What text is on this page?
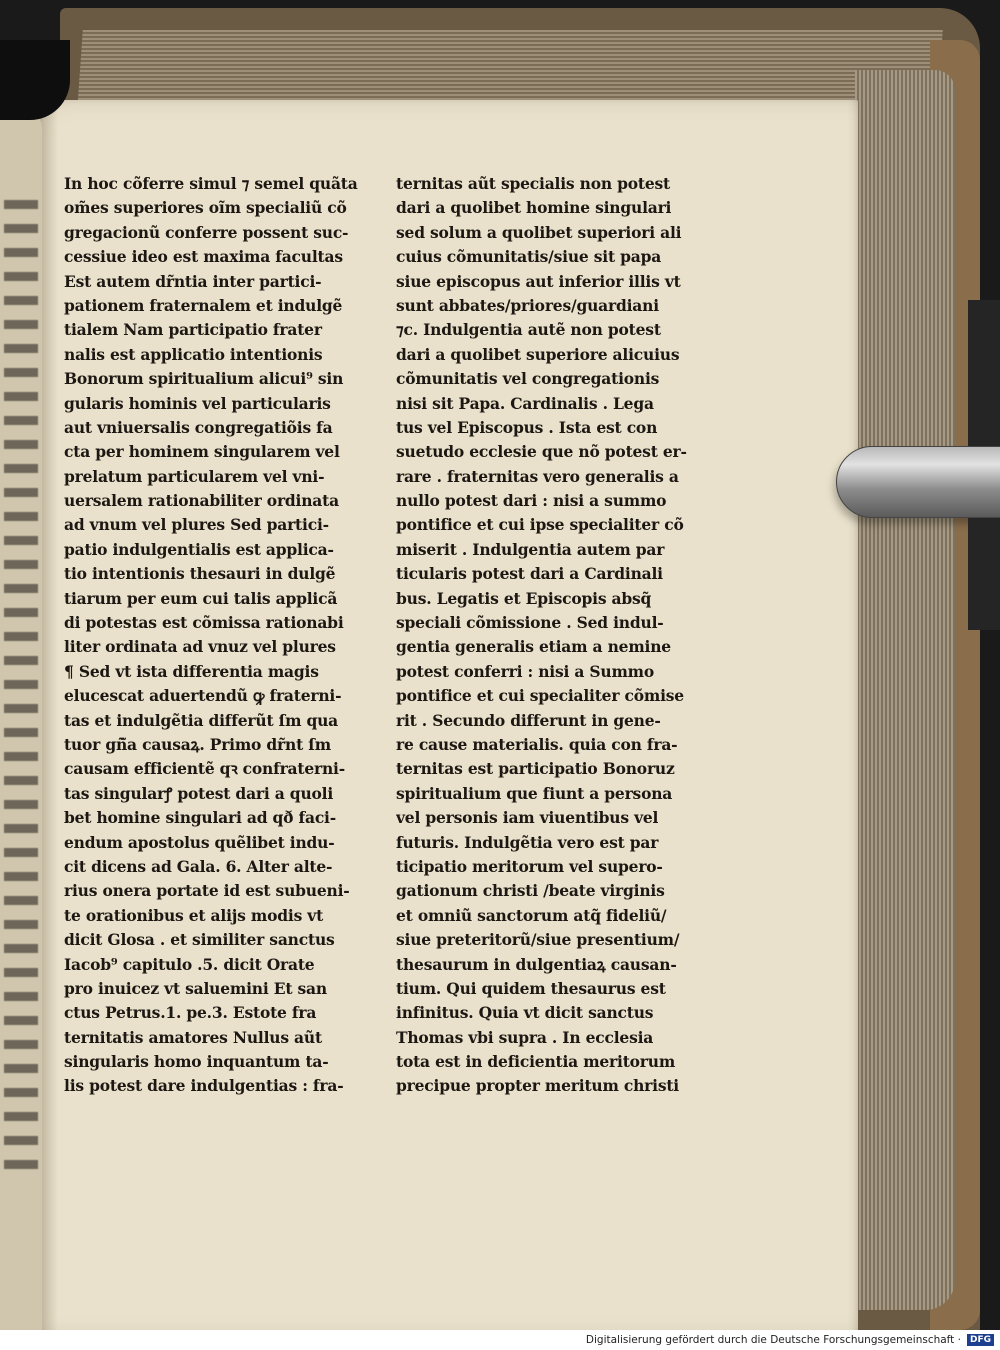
In hoc cõferre simul ⁊ semel quãta
om̃es superiores oĩm specialiũ cõ
gregacionũ conferre possent suc-
cessiue ideo est maxima facultas
Est autem dr̃ntia inter partici-
pationem fraternalem et indulgẽ
tialem Nam participatio frater
nalis est applicatio intentionis
Bonorum spiritualium alicui⁹ sin
gularis hominis vel particularis
aut vniuersalis congregatiõis fa
cta per hominem singularem vel
prelatum particularem vel vni-
uersalem rationabiliter ordinata
ad vnum vel plures Sed partici-
patio indulgentialis est applica-
tio intentionis thesauri in dulgẽ
tiarum per eum cui talis applicã
di potestas est cõmissa rationabi
liter ordinata ad vnuz vel plures
¶ Sed vt ista differentia magis
elucescat aduertendũ ꝙ fraterni-
tas et indulgẽtia differũt ſm qua
tuor gñ̃a causaꝝ. Primo dr̃nt ſm
causam efficientẽ qꝛ confraterni-
tas singularꝭ potest dari a quoli
bet homine singulari ad qð faci-
endum apostolus quẽlibet indu-
cit dicens ad Gala. 6. Alter alte-
rius onera portate id est subueni-
te orationibus et alijs modis vt
dicit Glosa . et similiter sanctus
Iacob⁹ capitulo .5. dicit Orate
pro inuicez vt saluemini Et san
ctus Petrus.1. pe.3. Estote fra
ternitatis amatores Nullus aũt
singularis homo inquantum ta-
lis potest dare indulgentias : fra-
ternitas aũt specialis non potest
dari a quolibet homine singulari
sed solum a quolibet superiori ali
cuius cõmunitatis/siue sit papa
siue episcopus aut inferior illis vt
sunt abbates/priores/guardiani
⁊c. Indulgentia autẽ non potest
dari a quolibet superiore alicuius
cõmunitatis vel congregationis
nisi sit Papa. Cardinalis . Lega
tus vel Episcopus . Ista est con
suetudo ecclesie que nõ potest er-
rare . fraternitas vero generalis a
nullo potest dari : nisi a summo
pontifice et cui ipse specialiter cõ
miserit . Indulgentia autem par
ticularis potest dari a Cardinali
bus. Legatis et Episcopis absq̃
speciali cõmissione . Sed indul-
gentia generalis etiam a nemine
potest conferri : nisi a Summo
pontifice et cui specialiter cõmise
rit . Secundo differunt in gene-
re cause materialis. quia con fra-
ternitas est participatio Bonoruz
spiritualium que fiunt a persona
vel personis iam viuentibus vel
futuris. Indulgẽtia vero est par
ticipatio meritorum vel supero-
gationum christi /beate virginis
et omniũ sanctorum atq̃ fideliũ/
siue preteritorũ/siue presentium/
thesaurum in dulgentiaꝝ causan-
tium. Qui quidem thesaurus est
infinitus. Quia vt dicit sanctus
Thomas vbi supra . In ecclesia
tota est in deficientia meritorum
precipue propter meritum christi
Digitalisierung gefördert durch die Deutsche Forschungsgemeinschaft · DFG
